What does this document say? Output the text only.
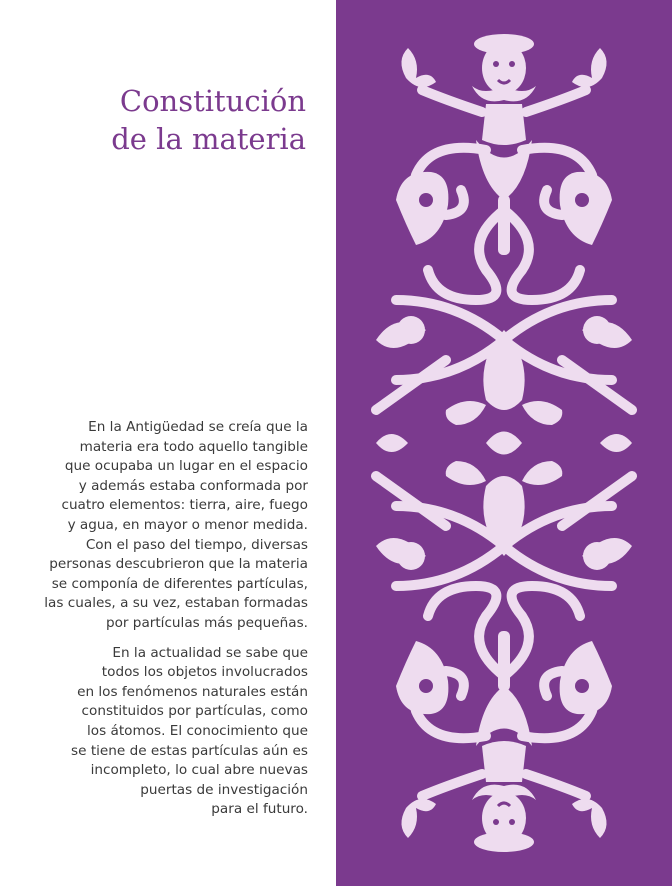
Constitución
de la materia

En la Antigüedad se creía que la
materia era todo aquello tangible
que ocupaba un lugar en el espacio
y además estaba conformada por
cuatro elementos: tierra, aire, fuego
y agua, en mayor o menor medida.
Con el paso del tiempo, diversas
personas descubrieron que la materia
se componía de diferentes partículas,
las cuales, a su vez, estaban formadas
por partículas más pequeñas.

En la actualidad se sabe que
todos los objetos involucrados
en los fenómenos naturales están
constituidos por partículas, como
los átomos. El conocimiento que
se tiene de estas partículas aún es
incompleto, lo cual abre nuevas
puertas de investigación
para el futuro.
